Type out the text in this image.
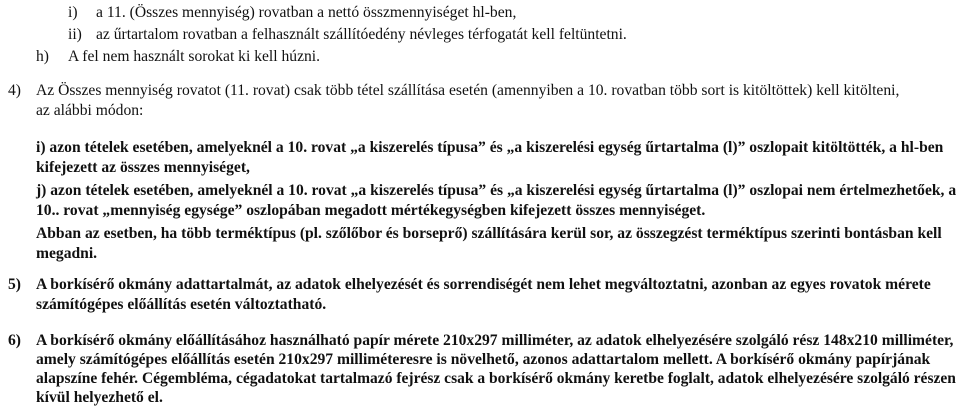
i) a 11. (Összes mennyiség) rovatban a nettó összmennyiséget hl-ben,
ii) az űrtartalom rovatban a felhasznált szállítóedény névleges térfogatát kell feltüntetni.
h) A fel nem használt sorokat ki kell húzni.
4) Az Összes mennyiség rovatot (11. rovat) csak több tétel szállítása esetén (amennyiben a 10. rovatban több sort is kitöltöttek) kell kitölteni,
az alábbi módon:
i) azon tételek esetében, amelyeknél a 10. rovat „a kiszerelés típusa” és „a kiszerelési egység űrtartalma (l)” oszlopait kitöltötték, a hl-ben
kifejezett az összes mennyiséget,
j) azon tételek esetében, amelyeknél a 10. rovat „a kiszerelés típusa” és „a kiszerelési egység űrtartalma (l)” oszlopai nem értelmezhetőek, a
10.. rovat „mennyiség egysége” oszlopában megadott mértékegységben kifejezett összes mennyiséget.
Abban az esetben, ha több terméktípus (pl. szőlőbor és borseprő) szállítására kerül sor, az összegzést terméktípus szerinti bontásban kell
megadni.
5) A borkísérő okmány adattartalmát, az adatok elhelyezését és sorrendiségét nem lehet megváltoztatni, azonban az egyes rovatok mérete
számítógépes előállítás esetén változtatható.
6) A borkísérő okmány előállításához használható papír mérete 210x297 milliméter, az adatok elhelyezésére szolgáló rész 148x210 milliméter,
amely számítógépes előállítás esetén 210x297 milliméteresre is növelhető, azonos adattartalom mellett. A borkísérő okmány papírjának
alapszíne fehér. Cégembléma, cégadatokat tartalmazó fejrész csak a borkísérő okmány keretbe foglalt, adatok elhelyezésére szolgáló részen
kívül helyezhető el.
